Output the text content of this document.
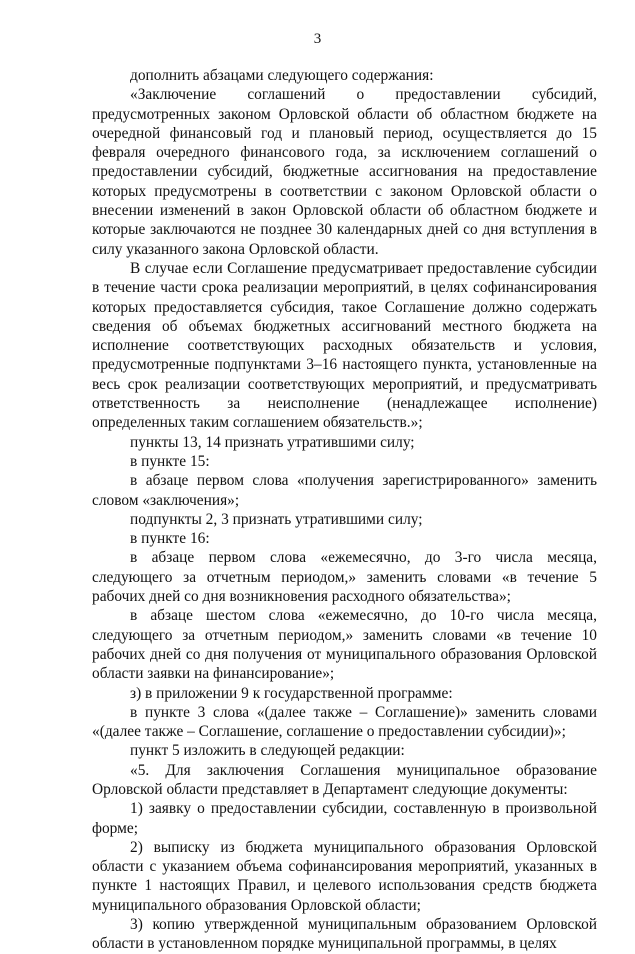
3

дополнить абзацами следующего содержания:

«Заключение соглашений о предоставлении субсидий, предусмотренных законом Орловской области об областном бюджете на очередной финансовый год и плановый период, осуществляется до 15 февраля очередного финансового года, за исключением соглашений о предоставлении субсидий, бюджетные ассигнования на предоставление которых предусмотрены в соответствии с законом Орловской области о внесении изменений в закон Орловской области об областном бюджете и которые заключаются не позднее 30 календарных дней со дня вступления в силу указанного закона Орловской области.

В случае если Соглашение предусматривает предоставление субсидии в течение части срока реализации мероприятий, в целях софинансирования которых предоставляется субсидия, такое Соглашение должно содержать сведения об объемах бюджетных ассигнований местного бюджета на исполнение соответствующих расходных обязательств и условия, предусмотренные подпунктами 3–16 настоящего пункта, установленные на весь срок реализации соответствующих мероприятий, и предусматривать ответственность за неисполнение (ненадлежащее исполнение) определенных таким соглашением обязательств.»;

пункты 13, 14 признать утратившими силу;

в пункте 15:

в абзаце первом слова «получения зарегистрированного» заменить словом «заключения»;

подпункты 2, 3 признать утратившими силу;

в пункте 16:

в абзаце первом слова «ежемесячно, до 3-го числа месяца, следующего за отчетным периодом,» заменить словами «в течение 5 рабочих дней со дня возникновения расходного обязательства»;

в абзаце шестом слова «ежемесячно, до 10-го числа месяца, следующего за отчетным периодом,» заменить словами «в течение 10 рабочих дней со дня получения от муниципального образования Орловской области заявки на финансирование»;

з) в приложении 9 к государственной программе:

в пункте 3 слова «(далее также – Соглашение)» заменить словами «(далее также – Соглашение, соглашение о предоставлении субсидии)»;

пункт 5 изложить в следующей редакции:

«5. Для заключения Соглашения муниципальное образование Орловской области представляет в Департамент следующие документы:

1) заявку о предоставлении субсидии, составленную в произвольной форме;

2) выписку из бюджета муниципального образования Орловской области с указанием объема софинансирования мероприятий, указанных в пункте 1 настоящих Правил, и целевого использования средств бюджета муниципального образования Орловской области;

3) копию утвержденной муниципальным образованием Орловской области в установленном порядке муниципальной программы, в целях
